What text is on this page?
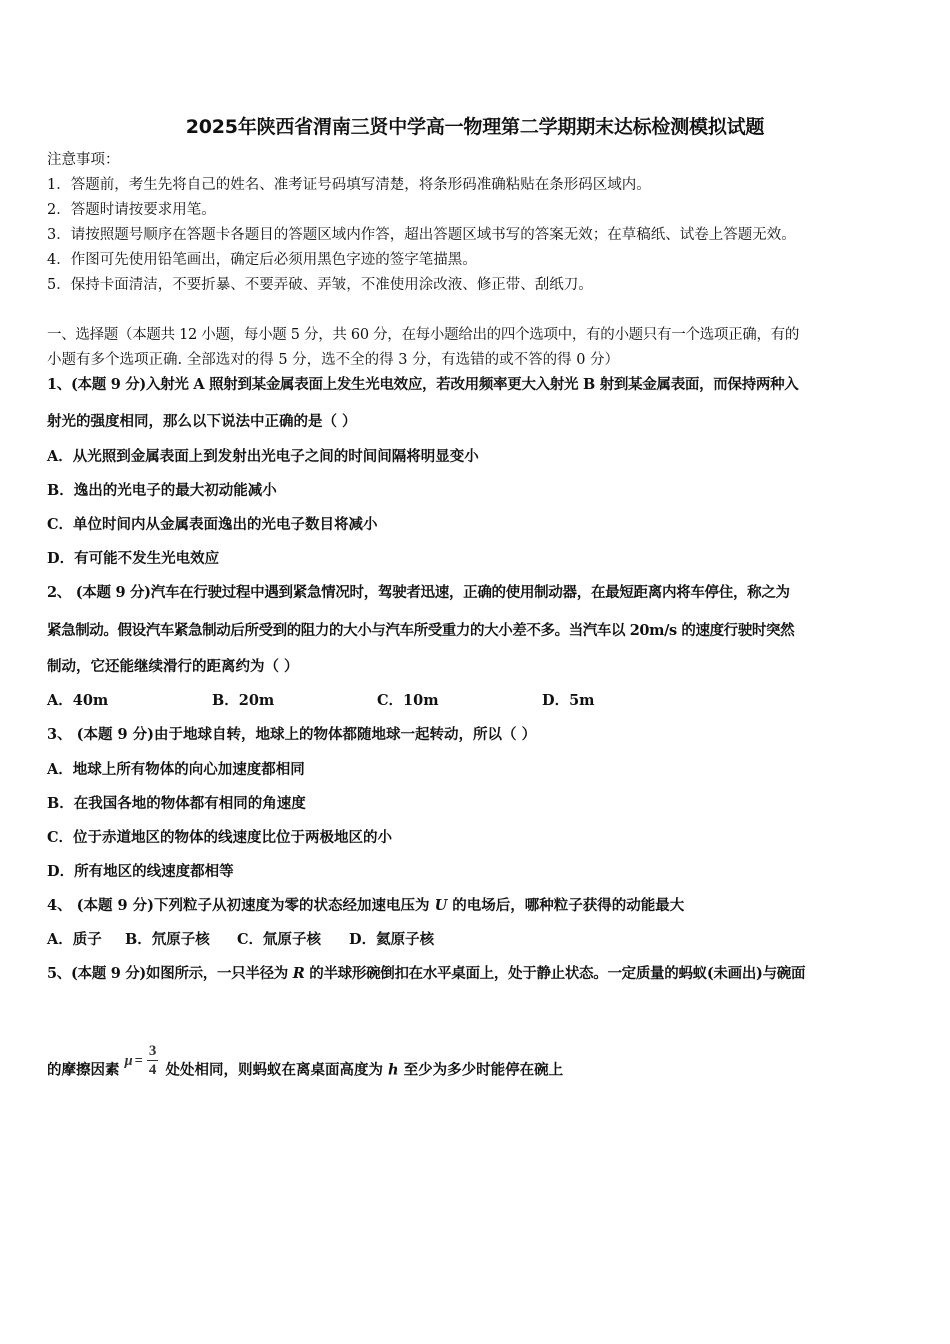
2025年陕西省渭南三贤中学高一物理第二学期期末达标检测模拟试题
注意事项：
1．答题前，考生先将自己的姓名、准考证号码填写清楚，将条形码准确粘贴在条形码区域内。
2．答题时请按要求用笔。
3．请按照题号顺序在答题卡各题目的答题区域内作答，超出答题区域书写的答案无效；在草稿纸、试卷上答题无效。
4．作图可先使用铅笔画出，确定后必须用黑色字迹的签字笔描黑。
5．保持卡面清洁，不要折暴、不要弄破、弄皱，不准使用涂改液、修正带、刮纸刀。
一、选择题（本题共 12 小题，每小题 5 分，共 60 分，在每小题给出的四个选项中，有的小题只有一个选项正确，有的
小题有多个选项正确. 全部选对的得 5 分，选不全的得 3 分，有选错的或不答的得 0 分）
1、(本题 9 分)入射光 A 照射到某金属表面上发生光电效应，若改用频率更大入射光 B 射到某金属表面，而保持两种入
射光的强度相同，那么以下说法中正确的是（ ）
A．从光照到金属表面上到发射出光电子之间的时间间隔将明显变小
B．逸出的光电子的最大初动能减小
C．单位时间内从金属表面逸出的光电子数目将减小
D．有可能不发生光电效应
2、 (本题 9 分)汽车在行驶过程中遇到紧急情况时，驾驶者迅速，正确的使用制动器，在最短距离内将车停住，称之为
紧急制动。假设汽车紧急制动后所受到的阻力的大小与汽车所受重力的大小差不多。当汽车以 20m/s 的速度行驶时突然
制动，它还能继续滑行的距离约为（ ）
A．40m	B．20m	C．10m	D．5m
3、 (本题 9 分)由于地球自转，地球上的物体都随地球一起转动，所以（ ）
A．地球上所有物体的向心加速度都相同
B．在我国各地的物体都有相同的角速度
C．位于赤道地区的物体的线速度比位于两极地区的小
D．所有地区的线速度都相等
4、 (本题 9 分)下列粒子从初速度为零的状态经加速电压为 U 的电场后，哪种粒子获得的动能最大
A．质子 B．氘原子核 C．氚原子核 D．氦原子核
5、(本题 9 分)如图所示，一只半径为 R 的半球形碗倒扣在水平桌面上，处于静止状态。一定质量的蚂蚁(未画出)与碗面
的摩擦因素 $\mu = \frac{3}{4}$ 处处相同，则蚂蚁在离桌面高度为 h 至少为多少时能停在碗上
